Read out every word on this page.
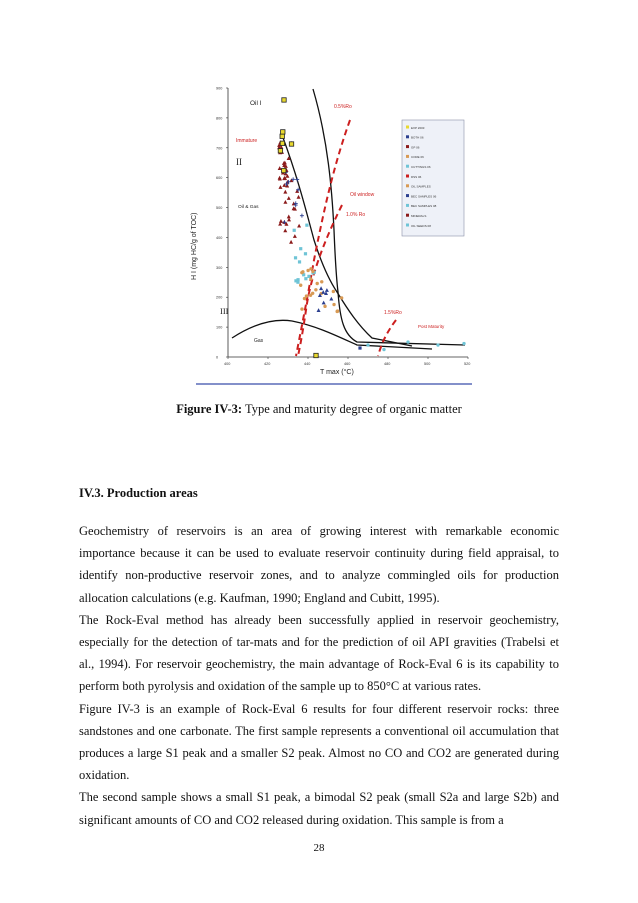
400	420	440	460	480	500	520
0
100
200
300
400
500
600
700
800
900
Oil I
Immature
II
Oil & Gas
III
Gas
Oil window
Post Maturity
0.5%Ro
1.0% Ro
1.5%Ro
T max (°C)
H I (mg HC/g of TOC)
EXP 2003
BOTH 06
GP 06
CORE 06
CUTTINGS 06
DSS 06
OIL SAMPLES
BEC SAMPLES 06
BEC SAMPLES 08
MINERALS
OIL SEEDS 08
Figure IV-3: Type and maturity degree of organic matter
IV.3. Production areas

Geochemistry of reservoirs is an area of growing interest with remarkable economic importance because it can be used to evaluate reservoir continuity during field appraisal, to identify non-productive reservoir zones, and to analyze commingled oils for production allocation calculations (e.g. Kaufman, 1990; England and Cubitt, 1995).

The Rock-Eval method has already been successfully applied in reservoir geochemistry, especially for the detection of tar-mats and for the prediction of oil API gravities (Trabelsi et al., 1994). For reservoir geochemistry, the main advantage of Rock-Eval 6 is its capability to perform both pyrolysis and oxidation of the sample up to 850°C at various rates.

Figure IV-3 is an example of Rock-Eval 6 results for four different reservoir rocks: three sandstones and one carbonate. The first sample represents a conventional oil accumulation that produces a large S1 peak and a smaller S2 peak. Almost no CO and CO2 are generated during oxidation.

The second sample shows a small S1 peak, a bimodal S2 peak (small S2a and large S2b) and significant amounts of CO and CO2 released during oxidation. This sample is from a

28
